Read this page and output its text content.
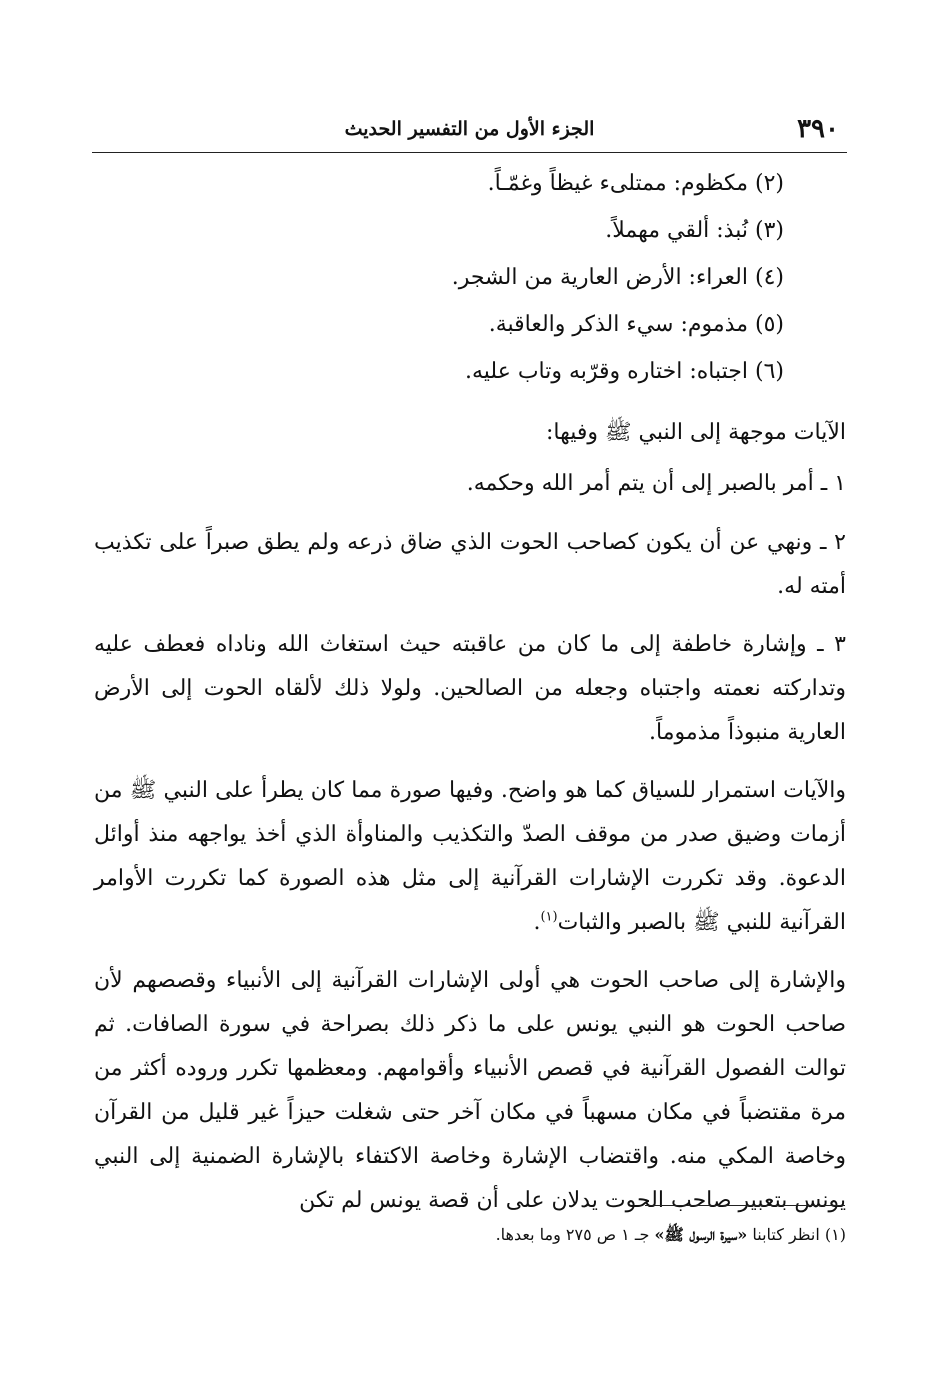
٣٩٠
الجزء الأول من التفسير الحديث

(٢) مكظوم: ممتلىء غيظاً وغمّـاً.

(٣) نُبذ: ألقي مهملاً.

(٤) العراء: الأرض العارية من الشجر.

(٥) مذموم: سيء الذكر والعاقبة.

(٦) اجتباه: اختاره وقرّبه وتاب عليه.

الآيات موجهة إلى النبي ﷺ وفيها:

١ ـ أمر بالصبر إلى أن يتم أمر الله وحكمه.

٢ ـ ونهي عن أن يكون كصاحب الحوت الذي ضاق ذرعه ولم يطق صبراً على تكذيب أمته له.

٣ ـ وإشارة خاطفة إلى ما كان من عاقبته حيث استغاث الله وناداه فعطف عليه وتداركته نعمته واجتباه وجعله من الصالحين. ولولا ذلك لألقاه الحوت إلى الأرض العارية منبوذاً مذموماً.

والآيات استمرار للسياق كما هو واضح. وفيها صورة مما كان يطرأ على النبي ﷺ من أزمات وضيق صدر من موقف الصدّ والتكذيب والمناوأة الذي أخذ يواجهه منذ أوائل الدعوة. وقد تكررت الإشارات القرآنية إلى مثل هذه الصورة كما تكررت الأوامر القرآنية للنبي ﷺ بالصبر والثبات$^{(١)}$.

والإشارة إلى صاحب الحوت هي أولى الإشارات القرآنية إلى الأنبياء وقصصهم لأن صاحب الحوت هو النبي يونس على ما ذكر ذلك بصراحة في سورة الصافات. ثم توالت الفصول القرآنية في قصص الأنبياء وأقوامهم. ومعظمها تكرر وروده أكثر من مرة مقتضباً في مكان مسهباً في مكان آخر حتى شغلت حيزاً غير قليل من القرآن وخاصة المكي منه. واقتضاب الإشارة وخاصة الاكتفاء بالإشارة الضمنية إلى النبي يونس بتعبير صاحب الحوت يدلان على أن قصة يونس لم تكن

(١) انظر كتابنا «سيرة الرسول ﷺ» جـ ١ ص ٢٧٥ وما بعدها.
